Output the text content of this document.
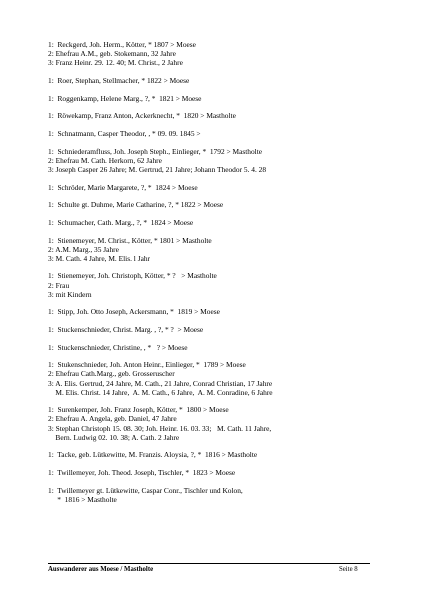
1:  Reckgerd, Joh. Herm., Kötter, * 1807 > Moese
2: Ehefrau A.M., geb. Stokemann, 32 Jahre
3: Franz Heinr. 29. 12. 40; M. Christ., 2 Jahre
1:  Roer, Stephan, Stellmacher, * 1822 > Moese
1:  Roggenkamp, Helene Marg., ?, *  1821 > Moese
1:  Röwekamp, Franz Anton, Ackerknecht, *  1820 > Mastholte
1:  Schnatmann, Casper Theodor, , * 09. 09. 1845 >
1:  Schniederamfluss, Joh. Joseph Steph., Einlieger, *  1792 > Mastholte
2: Ehefrau M. Cath. Herkorn, 62 Jahre
3: Joseph Casper 26 Jahre; M. Gertrud, 21 Jahre; Johann Theodor 5. 4. 28
1:  Schröder, Marie Margarete, ?, *  1824 > Moese
1:  Schulte gt. Duhme, Marie Catharine, ?, * 1822 > Moese
1:  Schumacher, Cath. Marg., ?, *  1824 > Moese
1:  Stienemeyer, M. Christ., Kötter, * 1801 > Mastholte
2: A.M. Marg., 35 Jahre
3: M. Cath. 4 Jahre, M. Elis. l Jahr
1:  Stienemeyer, Joh. Christoph, Kötter, * ?   > Mastholte
2: Frau
3: mit Kindern
1:  Stipp, Joh. Otto Joseph, Ackersmann, *  1819 > Moese
1:  Stuckenschnieder, Christ. Marg. , ?, * ?  > Moese
1:  Stuckenschnieder, Christine, , *   ? > Moese
1:  Stukenschnieder, Joh. Anton Heinr., Einlieger, *  1789 > Moese
2: Ehefrau Cath.Marg., geb. Grosseruscher
3: A. Elis. Gertrud, 24 Jahre, M. Cath., 21 Jahre, Conrad Christian, 17 Jahre
M. Elis. Christ. 14 Jahre,  A. M. Cath., 6 Jahre,  A. M. Conradine, 6 Jahre
1:  Surenkemper, Joh. Franz Joseph, Kötter, *  1800 > Moese
2: Ehefrau A. Angela, geb. Daniel, 47 Jahre
3: Stephan Christoph 15. 08. 30; Joh. Heinr. 16. 03. 33;   M. Cath. 11 Jahre,
Bern. Ludwig 02. 10. 38; A. Cath. 2 Jahre
1:  Tacke, geb. Lütkewitte, M. Franzis. Aloysia, ?, *  1816 > Mastholte
1:  Twillemeyer, Joh. Theod. Joseph, Tischler, *  1823 > Moese
1:  Twillemeyer gt. Lütkewitte, Caspar Conr., Tischler und Kolon,
*  1816 > Mastholte
Auswanderer aus Moese / Mastholte	Seite 8
